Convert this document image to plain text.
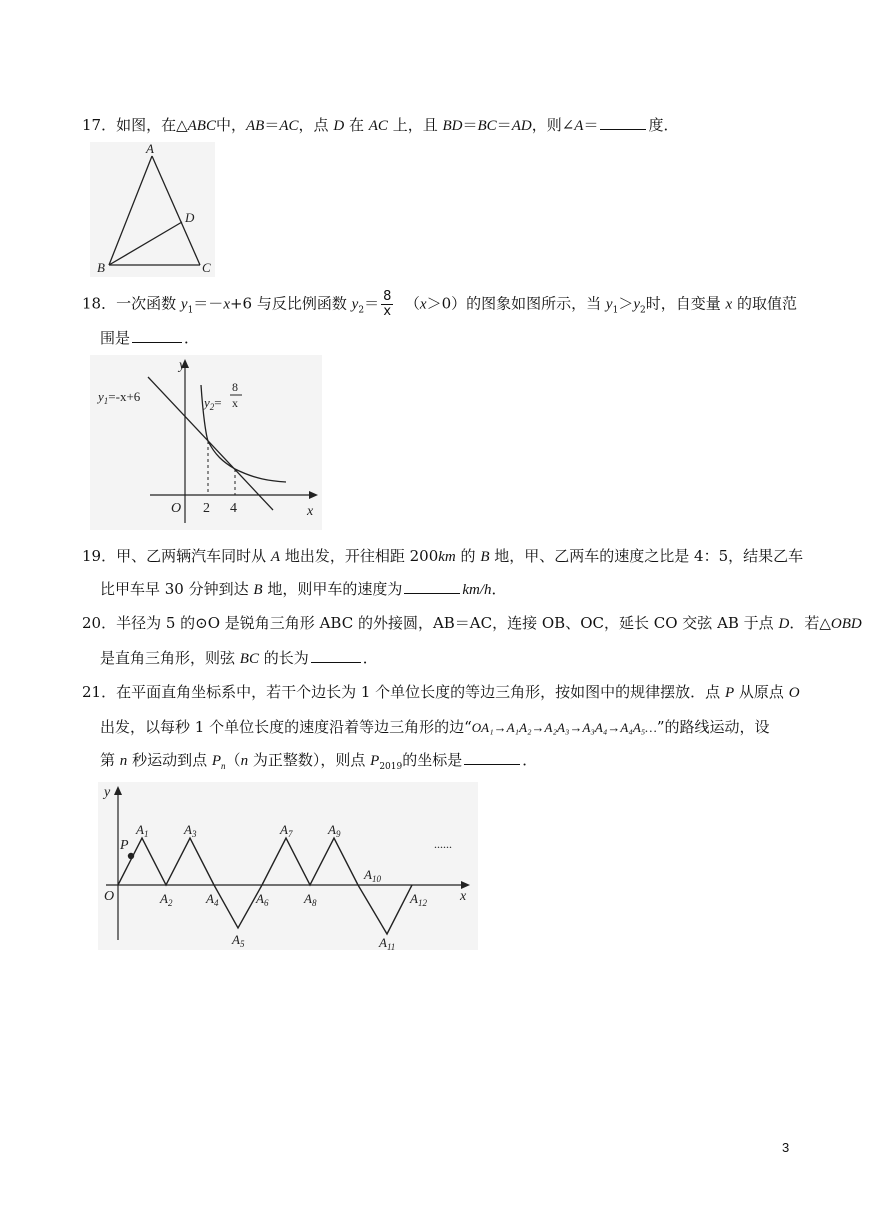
17．如图，在△ABC中，AB＝AC，点 D 在 AC 上，且 BD＝BC＝AD，则∠A＝	度．
A
B	C
D
18．一次函数 $y_1=-x+6$ 与反比例函数 $y_2= \frac{8}{x} (x>0)$的图象如图所示，当 $y_1>y_2$时，自变量 x 的取值范
围是	．
y
x
O 2 4
$y_1=-x+6$	$y_2=$
8
x
19．甲、乙两辆汽车同时从 A 地出发，开往相距 200km 的 B 地，甲、乙两车的速度之比是 4：5，结果乙车
比甲车早 30 分钟到达 B 地，则甲车的速度为	km/h．
20．半径为 5 的⊙O 是锐角三角形 ABC 的外接圆，AB＝AC，连接 OB、OC，延长 CO 交弦 AB 于点 D．若△OBD
是直角三角形，则弦 BC 的长为	．
21．在平面直角坐标系中，若干个边长为 1 个单位长度的等边三角形，按如图中的规律摆放．点 P 从原点 O
出发，以每秒 1 个单位长度的速度沿着等边三角形的边“OA₁→A₁A₂→A₂A₃→A₃A₄→A₄A₅…”的路线运动，设
第 n 秒运动到点 $P_n(n$ 为正整数），则点 $P_{2019}$的坐标是	．
y
x
O
P	......
$A_1$
$A_2$
$A_3$
$A_4$
$A_5$
$A_6$
$A_7$
$A_8$
$A_9$
$A_{10}$
$A_{11}$
$A_{12}$
3
